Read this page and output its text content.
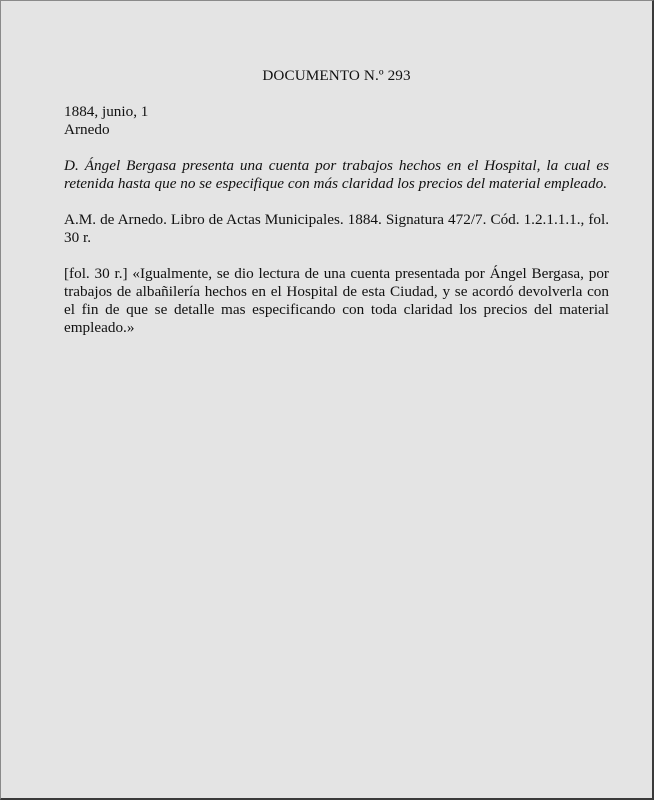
DOCUMENTO N.º 293
1884, junio, 1
Arnedo

D. Ángel Bergasa presenta una cuenta por trabajos hechos en el Hospital, la cual es retenida hasta que no se especifique con más claridad los precios del material empleado.

A.M. de Arnedo. Libro de Actas Municipales. 1884. Signatura 472/7. Cód. 1.2.1.1.1., fol. 30 r.

[fol. 30 r.] «Igualmente, se dio lectura de una cuenta presentada por Ángel Bergasa, por trabajos de albañilería hechos en el Hospital de esta Ciudad, y se acordó devolverla con el fin de que se detalle mas especificando con toda claridad los precios del material empleado.»
